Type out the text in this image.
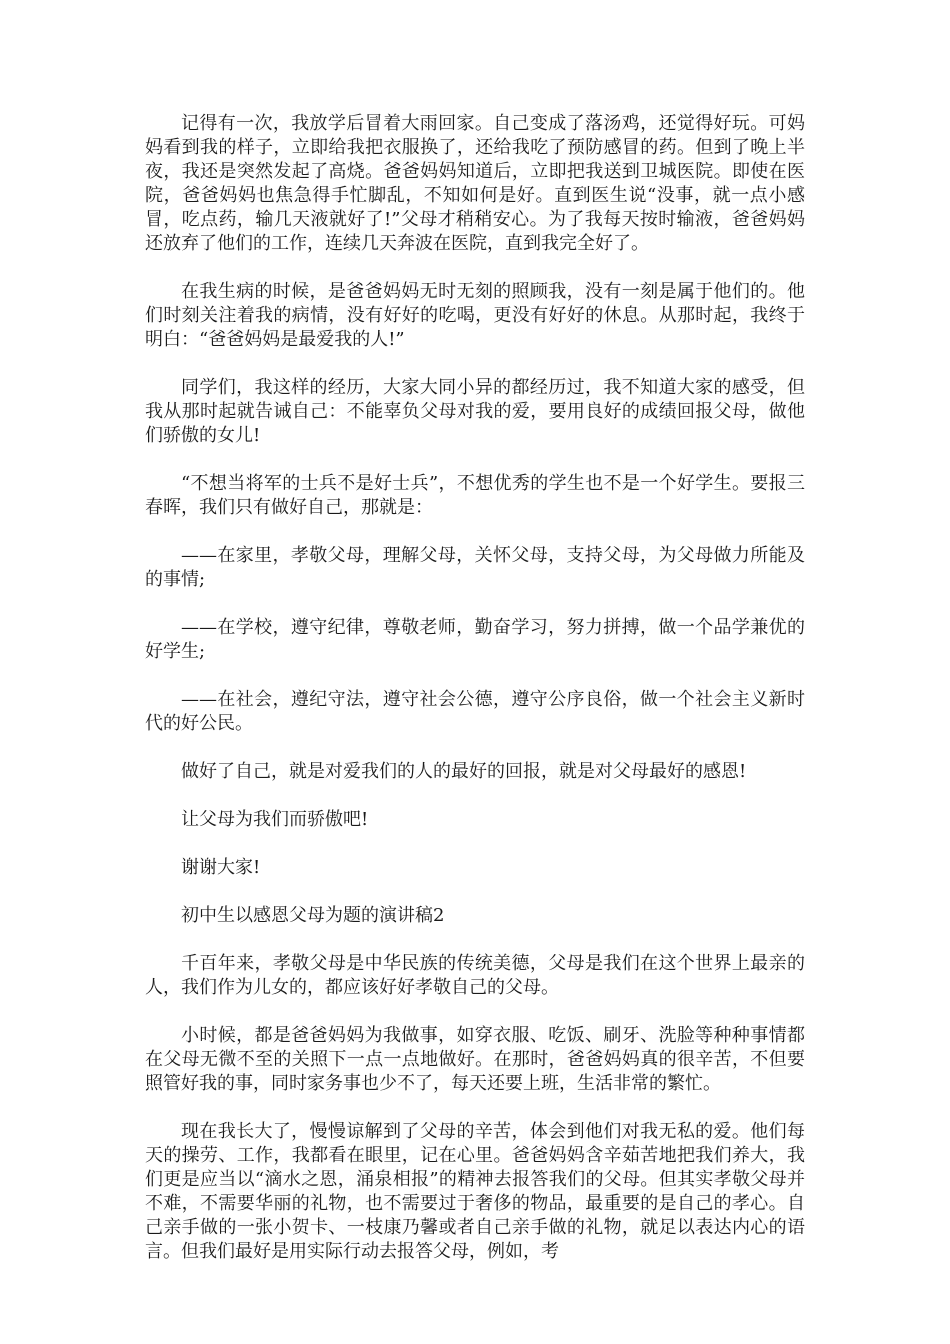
记得有一次，我放学后冒着大雨回家。自己变成了落汤鸡，还觉得好玩。可妈妈看到我的样子，立即给我把衣服换了，还给我吃了预防感冒的药。但到了晚上半夜，我还是突然发起了高烧。爸爸妈妈知道后，立即把我送到卫城医院。即使在医院，爸爸妈妈也焦急得手忙脚乱，不知如何是好。直到医生说“没事，就一点小感冒，吃点药，输几天液就好了!”父母才稍稍安心。为了我每天按时输液，爸爸妈妈还放弃了他们的工作，连续几天奔波在医院，直到我完全好了。

在我生病的时候，是爸爸妈妈无时无刻的照顾我，没有一刻是属于他们的。他们时刻关注着我的病情，没有好好的吃喝，更没有好好的休息。从那时起，我终于明白：“爸爸妈妈是最爱我的人!”

同学们，我这样的经历，大家大同小异的都经历过，我不知道大家的感受，但我从那时起就告诫自己：不能辜负父母对我的爱，要用良好的成绩回报父母，做他们骄傲的女儿!

“不想当将军的士兵不是好士兵”，不想优秀的学生也不是一个好学生。要报三春晖，我们只有做好自己，那就是：

——在家里，孝敬父母，理解父母，关怀父母，支持父母，为父母做力所能及的事情;

——在学校，遵守纪律，尊敬老师，勤奋学习，努力拼搏，做一个品学兼优的好学生;

——在社会，遵纪守法，遵守社会公德，遵守公序良俗，做一个社会主义新时代的好公民。

做好了自己，就是对爱我们的人的最好的回报，就是对父母最好的感恩!

让父母为我们而骄傲吧!

谢谢大家!

初中生以感恩父母为题的演讲稿2

千百年来，孝敬父母是中华民族的传统美德，父母是我们在这个世界上最亲的人，我们作为儿女的，都应该好好孝敬自己的父母。

小时候，都是爸爸妈妈为我做事，如穿衣服、吃饭、刷牙、洗脸等种种事情都在父母无微不至的关照下一点一点地做好。在那时，爸爸妈妈真的很辛苦，不但要照管好我的事，同时家务事也少不了，每天还要上班，生活非常的繁忙。

现在我长大了，慢慢谅解到了父母的辛苦，体会到他们对我无私的爱。他们每天的操劳、工作，我都看在眼里，记在心里。爸爸妈妈含辛茹苦地把我们养大，我们更是应当以“滴水之恩，涌泉相报”的精神去报答我们的父母。但其实孝敬父母并不难，不需要华丽的礼物，也不需要过于奢侈的物品，最重要的是自己的孝心。自己亲手做的一张小贺卡、一枝康乃馨或者自己亲手做的礼物，就足以表达内心的语言。但我们最好是用实际行动去报答父母，例如，考
